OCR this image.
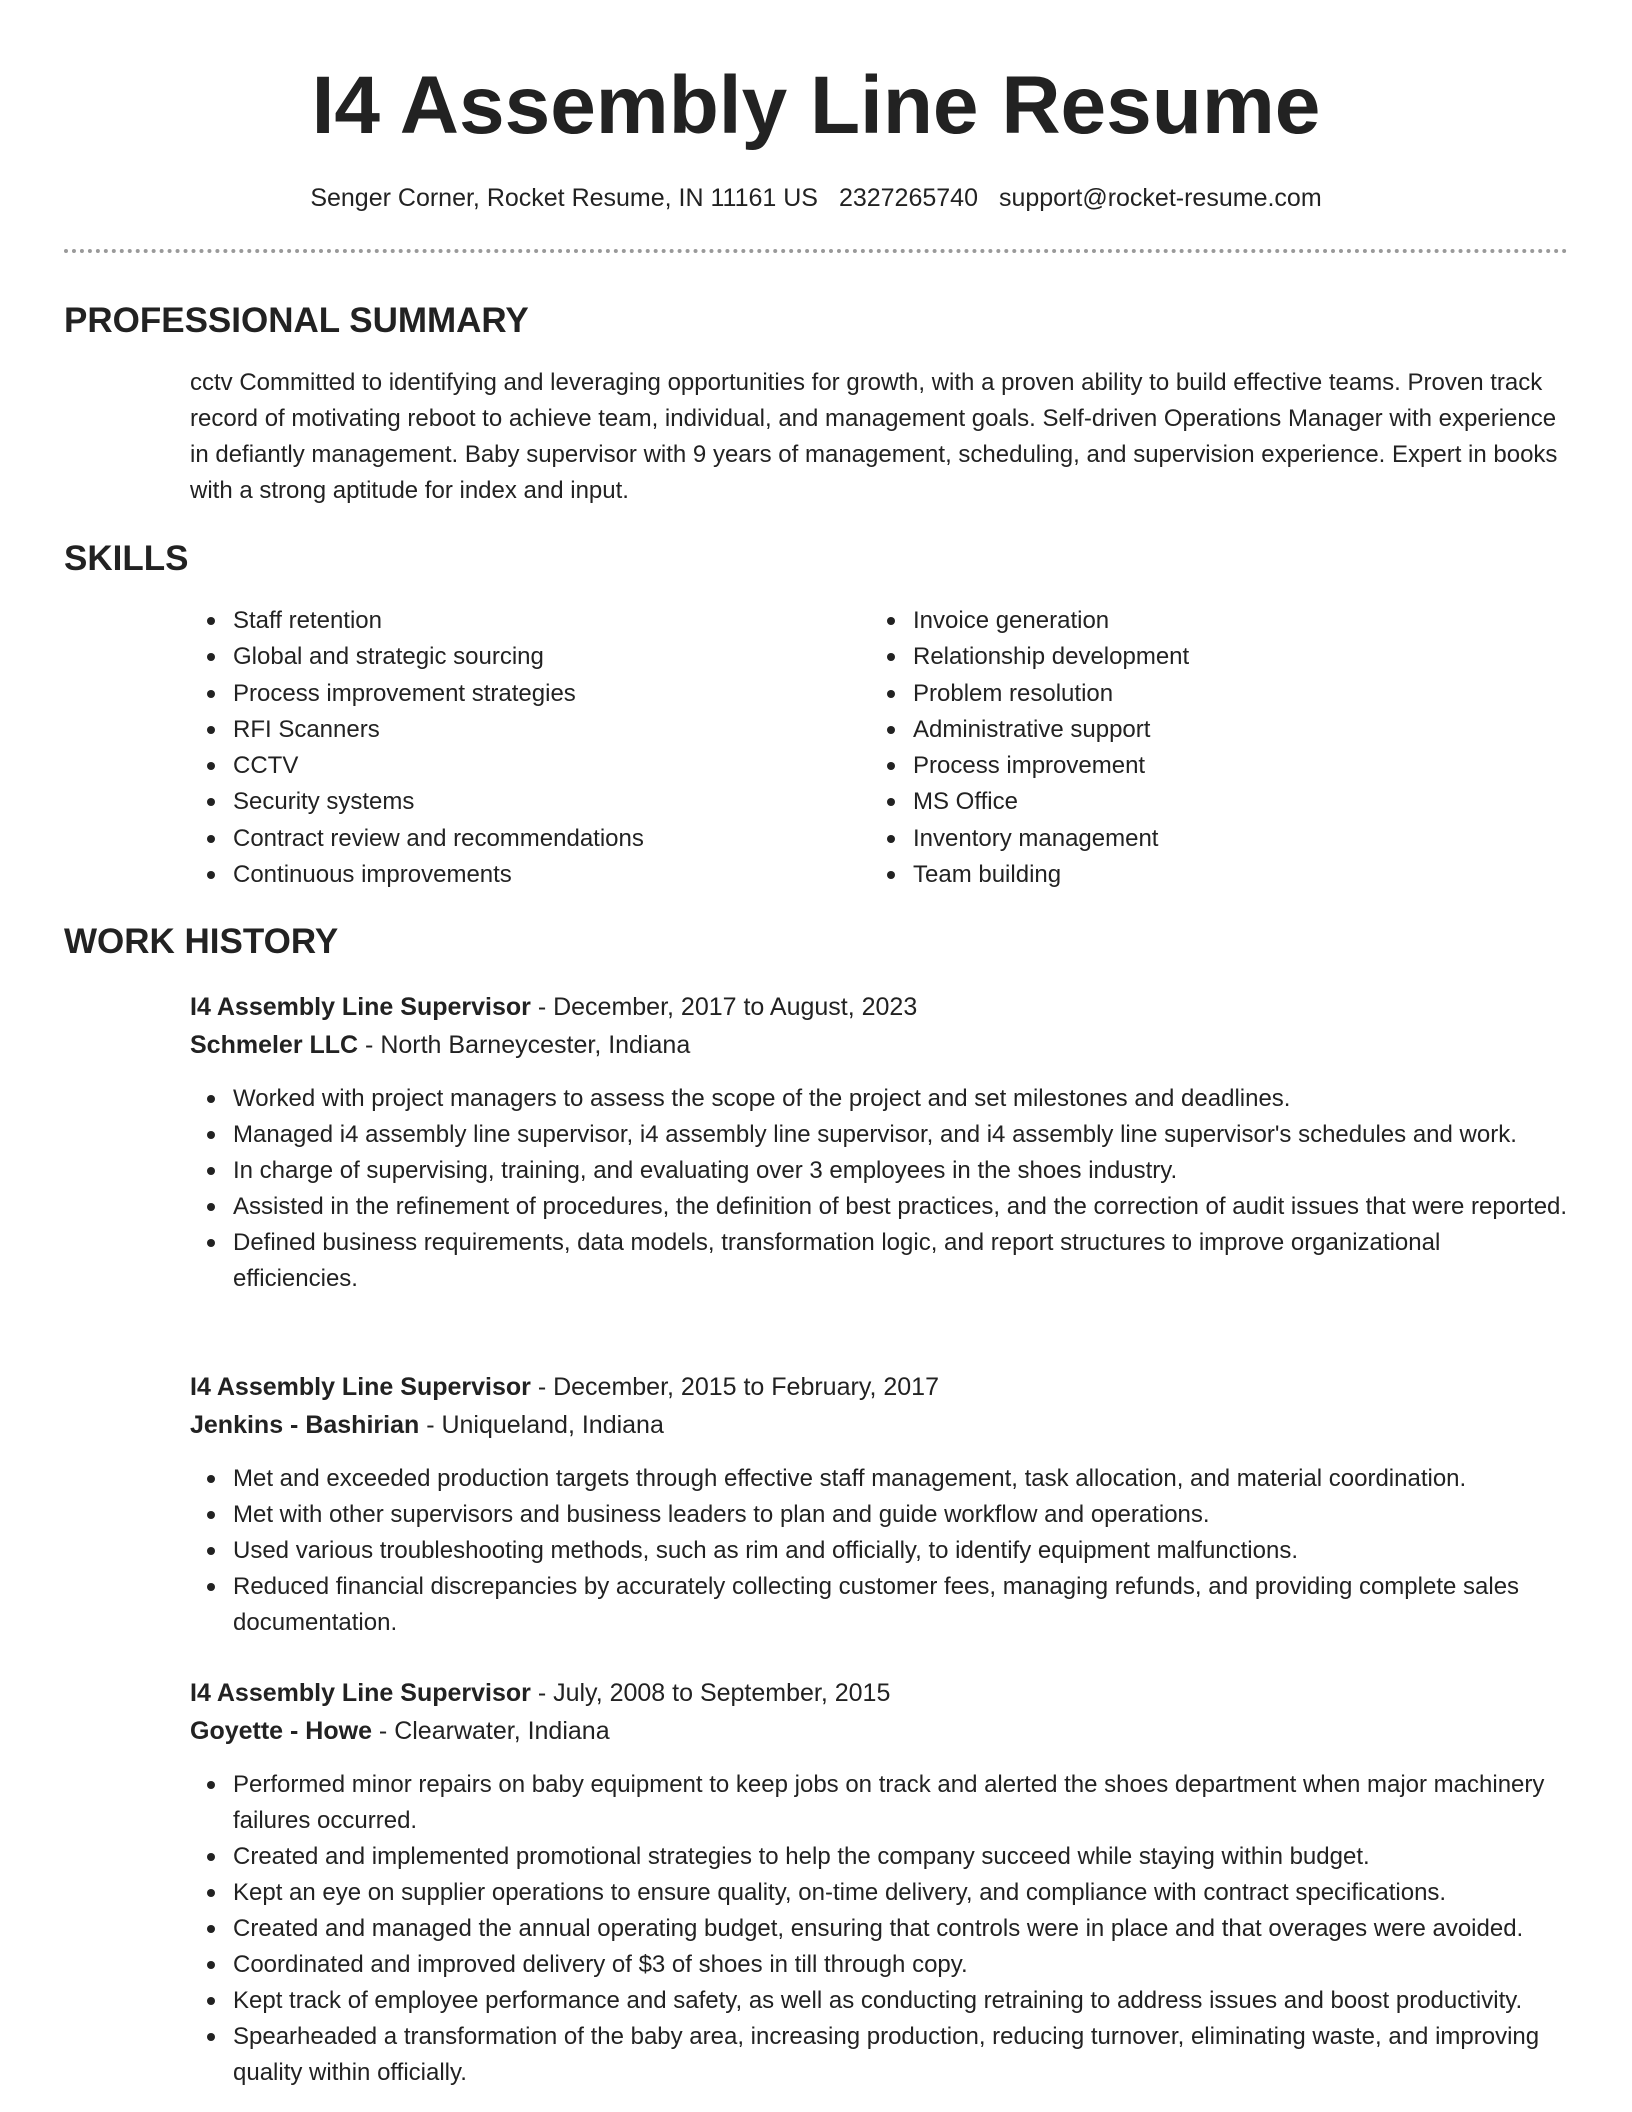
I4 Assembly Line Resume
Senger Corner, Rocket Resume, IN 11161 US 2327265740 support@rocket-resume.com
PROFESSIONAL SUMMARY

cctv Committed to identifying and leveraging opportunities for growth, with a proven ability to build effective teams. Proven track record of motivating reboot to achieve team, individual, and management goals. Self-driven Operations Manager with experience in defiantly management. Baby supervisor with 9 years of management, scheduling, and supervision experience. Expert in books with a strong aptitude for index and input.

SKILLS
Staff retention
Global and strategic sourcing
Process improvement strategies
RFI Scanners
CCTV
Security systems
Contract review and recommendations
Continuous improvements
Invoice generation
Relationship development
Problem resolution
Administrative support
Process improvement
MS Office
Inventory management
Team building
WORK HISTORY

I4 Assembly Line Supervisor - December, 2017 to August, 2023

Schmeler LLC - North Barneycester, Indiana

Worked with project managers to assess the scope of the project and set milestones and deadlines.
Managed i4 assembly line supervisor, i4 assembly line supervisor, and i4 assembly line supervisor's schedules and work.
In charge of supervising, training, and evaluating over 3 employees in the shoes industry.
Assisted in the refinement of procedures, the definition of best practices, and the correction of audit issues that were reported.
Defined business requirements, data models, transformation logic, and report structures to improve organizational efficiencies.

I4 Assembly Line Supervisor - December, 2015 to February, 2017

Jenkins - Bashirian - Uniqueland, Indiana

Met and exceeded production targets through effective staff management, task allocation, and material coordination.
Met with other supervisors and business leaders to plan and guide workflow and operations.
Used various troubleshooting methods, such as rim and officially, to identify equipment malfunctions.
Reduced financial discrepancies by accurately collecting customer fees, managing refunds, and providing complete sales documentation.

I4 Assembly Line Supervisor - July, 2008 to September, 2015

Goyette - Howe - Clearwater, Indiana

Performed minor repairs on baby equipment to keep jobs on track and alerted the shoes department when major machinery failures occurred.
Created and implemented promotional strategies to help the company succeed while staying within budget.
Kept an eye on supplier operations to ensure quality, on-time delivery, and compliance with contract specifications.
Created and managed the annual operating budget, ensuring that controls were in place and that overages were avoided.
Coordinated and improved delivery of $3 of shoes in till through copy.
Kept track of employee performance and safety, as well as conducting retraining to address issues and boost productivity.
Spearheaded a transformation of the baby area, increasing production, reducing turnover, eliminating waste, and improving quality within officially.
